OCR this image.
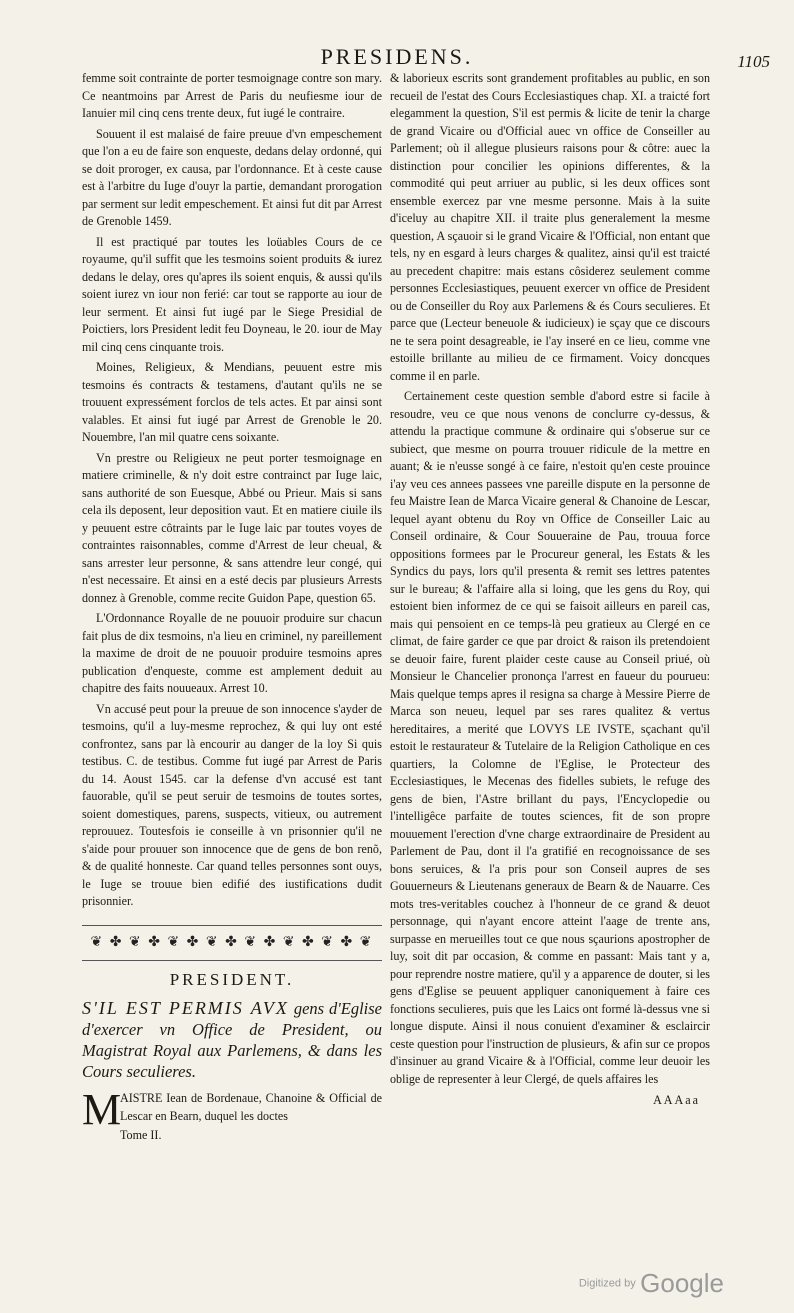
PRESIDENS.	1105

femme soit contrainte de porter tesmoignage contre son mary. Ce neantmoins par Arrest de Paris du neufiesme iour de Ianuier mil cinq cens trente deux, fut iugé le contraire.

Souuent il est malaisé de faire preuue d'vn empeschement que l'on a eu de faire son enqueste, dedans delay ordonné, qui se doit proroger, ex causa, par l'ordonnance. Et à ceste cause est à l'arbitre du Iuge d'ouyr la partie, demandant prorogation par serment sur ledit empeschement. Et ainsi fut dit par Arrest de Grenoble 1459.

Il est practiqué par toutes les loüables Cours de ce royaume, qu'il suffit que les tesmoins soient produits & iurez dedans le delay, ores qu'apres ils soient enquis, & aussi qu'ils soient iurez vn iour non ferié: car tout se rapporte au iour de leur serment. Et ainsi fut iugé par le Siege Presidial de Poictiers, lors President ledit feu Doyneau, le 20. iour de May mil cinq cens cinquante trois.

Moines, Religieux, & Mendians, peuuent estre mis tesmoins és contracts & testamens, d'autant qu'ils ne se trouuent expressément forclos de tels actes. Et par ainsi sont valables. Et ainsi fut iugé par Arrest de Grenoble le 20. Nouembre, l'an mil quatre cens soixante.

Vn prestre ou Religieux ne peut porter tesmoignage en matiere criminelle, & n'y doit estre contrainct par Iuge laic, sans authorité de son Euesque, Abbé ou Prieur. Mais si sans cela ils deposent, leur deposition vaut. Et en matiere ciuile ils y peuuent estre côtraints par le Iuge laic par toutes voyes de contraintes raisonnables, comme d'Arrest de leur cheual, & sans arrester leur personne, & sans attendre leur congé, qui n'est necessaire. Et ainsi en a esté decis par plusieurs Arrests donnez à Grenoble, comme recite Guidon Pape, question 65.

L'Ordonnance Royalle de ne pouuoir produire sur chacun fait plus de dix tesmoins, n'a lieu en criminel, ny pareillement la maxime de droit de ne pouuoir produire tesmoins apres publication d'enqueste, comme est amplement deduit au chapitre des faits nouueaux. Arrest 10.

Vn accusé peut pour la preuue de son innocence s'ayder de tesmoins, qu'il a luy-mesme reprochez, & qui luy ont esté confrontez, sans par là encourir au danger de la loy Si quis testibus. C. de testibus. Comme fut iugé par Arrest de Paris du 14. Aoust 1545. car la defense d'vn accusé est tant fauorable, qu'il se peut seruir de tesmoins de toutes sortes, soient domestiques, parens, suspects, vitieux, ou autrement reprouuez. Toutesfois ie conseille à vn prisonnier qu'il ne s'aide pour prouuer son innocence que de gens de bon renõ, & de qualité honneste. Car quand telles personnes sont ouys, le Iuge se trouue bien edifié des iustifications dudit prisonnier.

❦ ✤ ❦ ✤ ❦ ✤ ❦ ✤ ❦ ✤ ❦ ✤ ❦ ✤ ❦
PRESIDENT.
S'IL EST PERMIS AVX gens d'Eglise d'exercer vn Office de President, ou Magistrat Royal aux Parlemens, & dans les Cours seculieres.
M
AISTRE Iean de Bordenaue, Chanoine & Official de Lescar en Bearn, duquel les doctes
Tome II.

& laborieux escrits sont grandement profitables au public, en son recueil de l'estat des Cours Ecclesiastiques chap. XI. a traicté fort elegamment la question, S'il est permis & licite de tenir la charge de grand Vicaire ou d'Official auec vn office de Conseiller au Parlement; où il allegue plusieurs raisons pour & côtre: auec la distinction pour concilier les opinions differentes, & la commodité qui peut arriuer au public, si les deux offices sont ensemble exercez par vne mesme personne. Mais à la suite d'iceluy au chapitre XII. il traite plus generalement la mesme question, A sçauoir si le grand Vicaire & l'Official, non entant que tels, ny en esgard à leurs charges & qualitez, ainsi qu'il est traicté au precedent chapitre: mais estans côsiderez seulement comme personnes Ecclesiastiques, peuuent exercer vn office de President ou de Conseiller du Roy aux Parlemens & és Cours seculieres. Et parce que (Lecteur beneuole & iudicieux) ie sçay que ce discours ne te sera point desagreable, ie l'ay inseré en ce lieu, comme vne estoille brillante au milieu de ce firmament. Voicy doncques comme il en parle.

Certainement ceste question semble d'abord estre si facile à resoudre, veu ce que nous venons de conclurre cy-dessus, & attendu la practique commune & ordinaire qui s'obserue sur ce subiect, que mesme on pourra trouuer ridicule de la mettre en auant; & ie n'eusse songé à ce faire, n'estoit qu'en ceste prouince i'ay veu ces annees passees vne pareille dispute en la personne de feu Maistre Iean de Marca Vicaire general & Chanoine de Lescar, lequel ayant obtenu du Roy vn Office de Conseiller Laic au Conseil ordinaire, & Cour Souueraine de Pau, trouua force oppositions formees par le Procureur general, les Estats & les Syndics du pays, lors qu'il presenta & remit ses lettres patentes sur le bureau; & l'affaire alla si loing, que les gens du Roy, qui estoient bien informez de ce qui se faisoit ailleurs en pareil cas, mais qui pensoient en ce temps-là peu gratieux au Clergé en ce climat, de faire garder ce que par droict & raison ils pretendoient se deuoir faire, furent plaider ceste cause au Conseil priué, où Monsieur le Chancelier prononça l'arrest en faueur du pourueu: Mais quelque temps apres il resigna sa charge à Messire Pierre de Marca son neueu, lequel par ses rares qualitez & vertus hereditaires, a merité que LOVYS LE IVSTE, sçachant qu'il estoit le restaurateur & Tutelaire de la Religion Catholique en ces quartiers, la Colomne de l'Eglise, le Protecteur des Ecclesiastiques, le Mecenas des fidelles subiets, le refuge des gens de bien, l'Astre brillant du pays, l'Encyclopedie ou l'intelligêce parfaite de toutes sciences, fit de son propre mouuement l'erection d'vne charge extraordinaire de President au Parlement de Pau, dont il l'a gratifié en recognoissance de ses bons seruices, & l'a pris pour son Conseil aupres de ses Gouuerneurs & Lieutenans generaux de Bearn & de Nauarre. Ces mots tres-veritables couchez à l'honneur de ce grand & deuot personnage, qui n'ayant encore atteint l'aage de trente ans, surpasse en merueilles tout ce que nous sçaurions apostropher de luy, soit dit par occasion, & comme en passant: Mais tant y a, pour reprendre nostre matiere, qu'il y a apparence de douter, si les gens d'Eglise se peuuent appliquer canoniquement à faire ces fonctions seculieres, puis que les Laics ont formé là-dessus vne si longue dispute. Ainsi il nous conuient d'examiner & esclaircir ceste question pour l'instruction de plusieurs, & afin sur ce propos d'insinuer au grand Vicaire & à l'Official, comme leur deuoir les oblige de representer à leur Clergé, de quels affaires les

AAAaa
Digitized by Google
